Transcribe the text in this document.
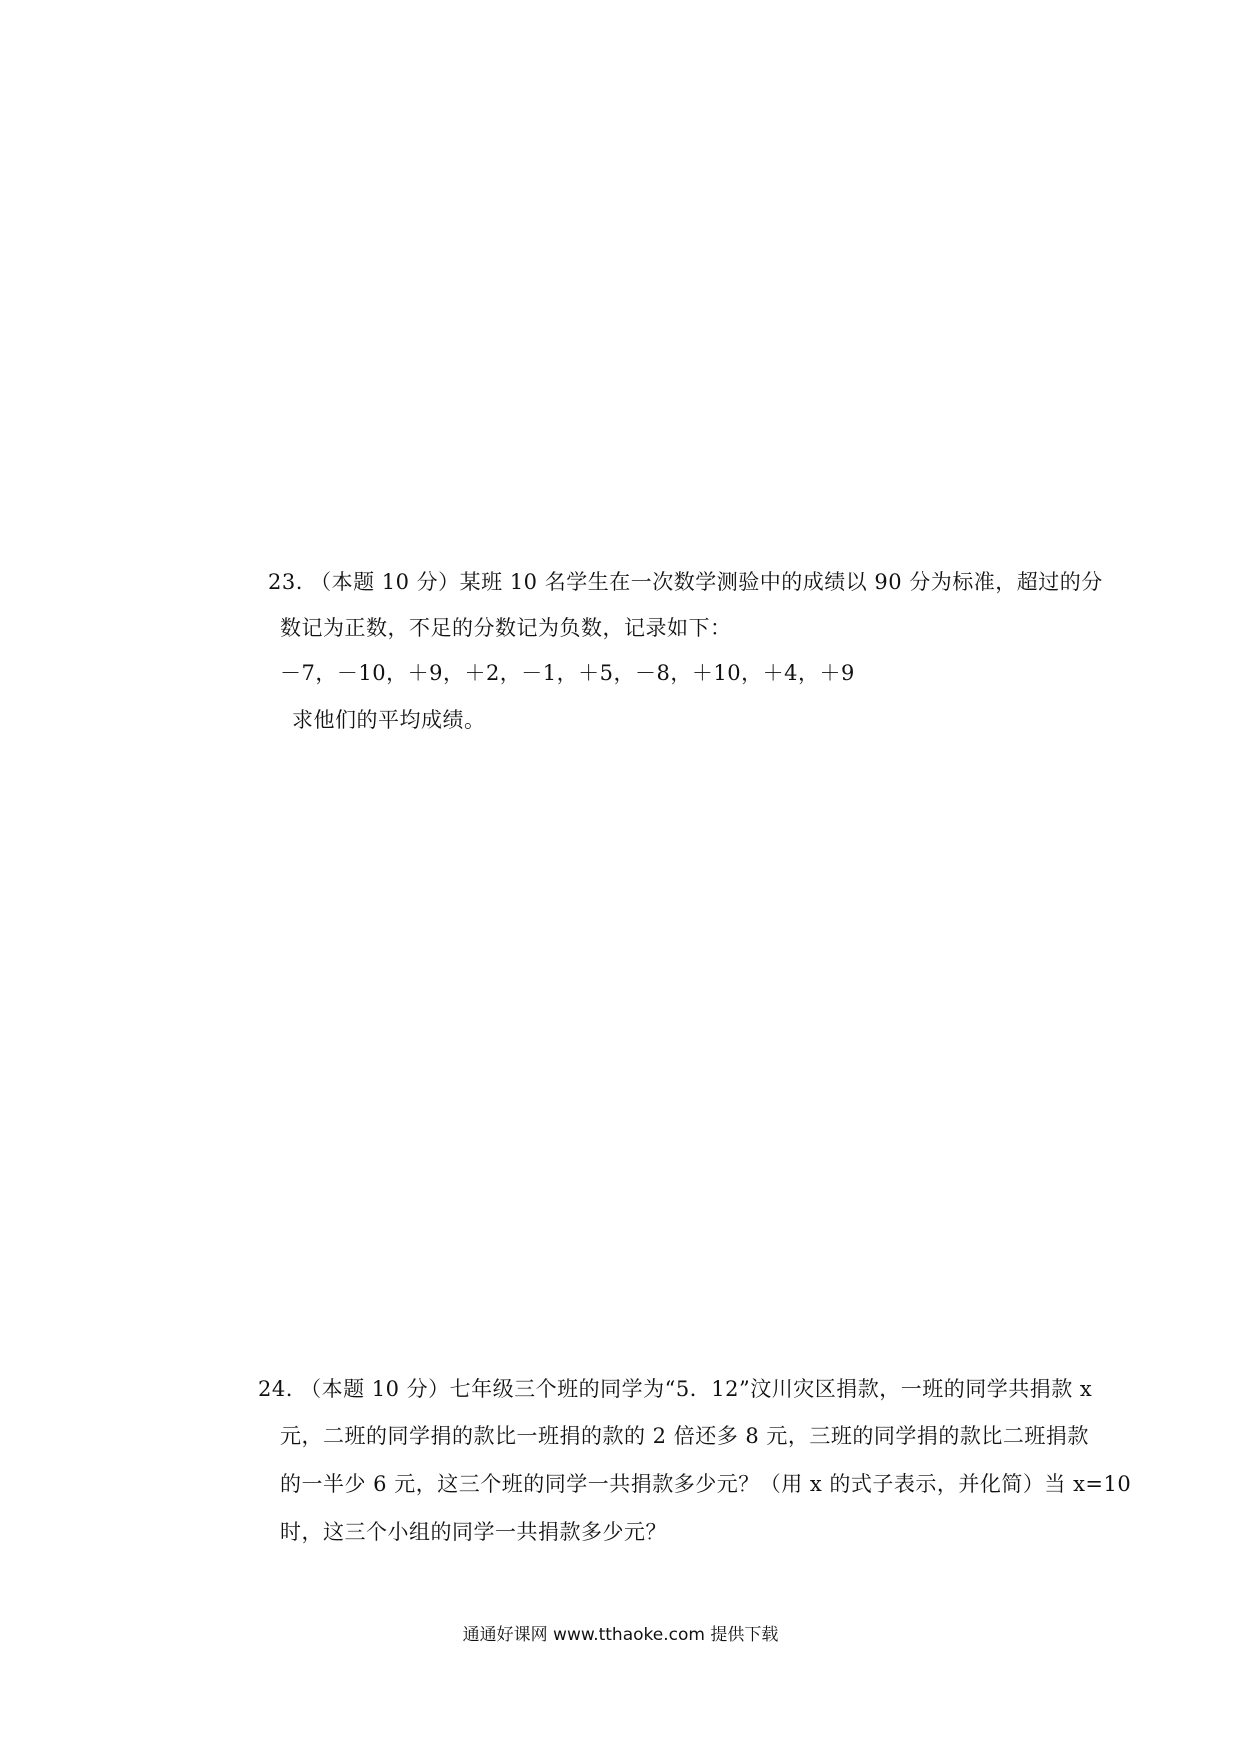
23. （本题 10 分）某班 10 名学生在一次数学测验中的成绩以 90 分为标准，超过的分
数记为正数，不足的分数记为负数，记录如下：
－7，－10，＋9，＋2，－1，＋5，－8，＋10，＋4，＋9
求他们的平均成绩。
24. （本题 10 分）七年级三个班的同学为“5．12”汶川灾区捐款，一班的同学共捐款 x
元，二班的同学捐的款比一班捐的款的 2 倍还多 8 元，三班的同学捐的款比二班捐款
的一半少 6 元，这三个班的同学一共捐款多少元？（用 x 的式子表示，并化简）当 x=10
时，这三个小组的同学一共捐款多少元？
通通好课网 www.tthaoke.com 提供下载
